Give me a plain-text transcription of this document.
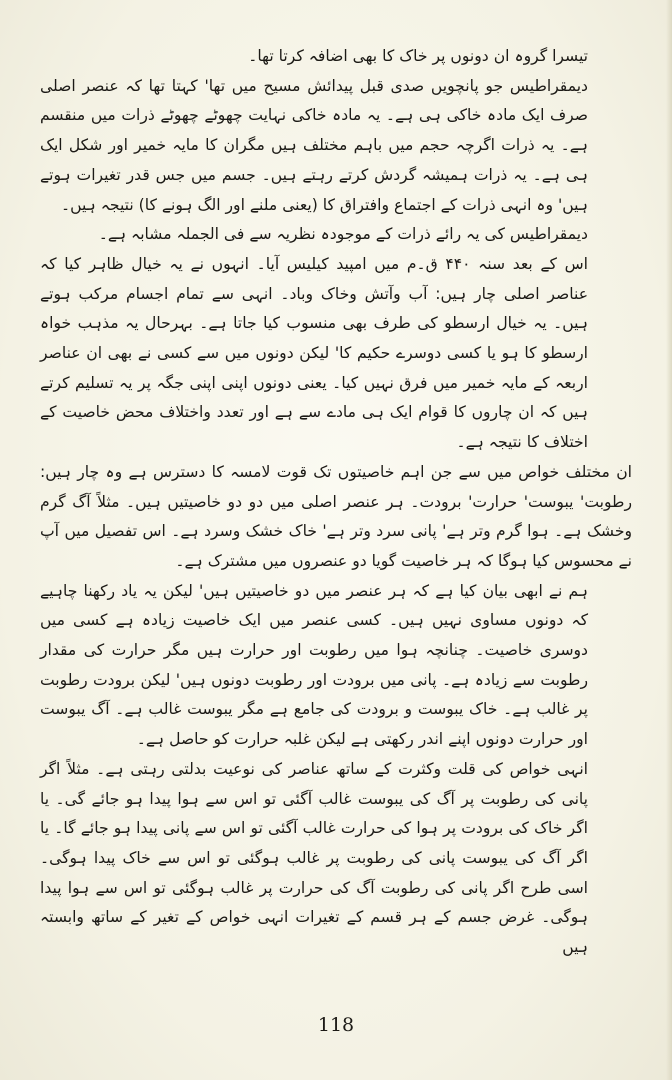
تیسرا گروہ ان دونوں پر خاک کا بھی اضافہ کرتا تھا۔

دیمقراطیس جو پانچویں صدی قبل پیدائش مسیح میں تھا' کہتا تھا کہ عنصر اصلی صرف ایک مادہ خاکی ہی ہے۔ یہ مادہ خاکی نہایت چھوٹے چھوٹے ذرات میں منقسم ہے۔ یہ ذرات اگرچہ حجم میں باہم مختلف ہیں مگران کا مایہ خمیر اور شکل ایک ہی ہے۔ یہ ذرات ہمیشہ گردش کرتے رہتے ہیں۔ جسم میں جس قدر تغیرات ہوتے ہیں' وہ انہی ذرات کے اجتماع وافتراق کا (یعنی ملنے اور الگ ہونے کا) نتیجہ ہیں۔

دیمقراطیس کی یہ رائے ذرات کے موجودہ نظریہ سے فی الجملہ مشابہ ہے۔

اس کے بعد سنہ ۴۴۰ ق۔م میں امپید کیلیس آیا۔ انہوں نے یہ خیال ظاہر کیا کہ عناصر اصلی چار ہیں: آب وآتش وخاک وباد۔ انہی سے تمام اجسام مرکب ہوتے ہیں۔ یہ خیال ارسطو کی طرف بھی منسوب کیا جاتا ہے۔ بہرحال یہ مذہب خواہ ارسطو کا ہو یا کسی دوسرے حکیم کا' لیکن دونوں میں سے کسی نے بھی ان عناصر اربعہ کے مایہ خمیر میں فرق نہیں کیا۔ یعنی دونوں اپنی اپنی جگہ پر یہ تسلیم کرتے ہیں کہ ان چاروں کا قوام ایک ہی مادے سے ہے اور تعدد واختلاف محض خاصیت کے اختلاف کا نتیجہ ہے۔

ان مختلف خواص میں سے جن اہم خاصیتوں تک قوت لامسہ کا دسترس ہے وہ چار ہیں: رطوبت' یبوست' حرارت' برودت۔ ہر عنصر اصلی میں دو دو خاصیتیں ہیں۔ مثلاً آگ گرم وخشک ہے۔ ہوا گرم وتر ہے' پانی سرد وتر ہے' خاک خشک وسرد ہے۔ اس تفصیل میں آپ نے محسوس کیا ہوگا کہ ہر خاصیت گویا دو عنصروں میں مشترک ہے۔

ہم نے ابھی بیان کیا ہے کہ ہر عنصر میں دو خاصیتیں ہیں' لیکن یہ یاد رکھنا چاہیے کہ دونوں مساوی نہیں ہیں۔ کسی عنصر میں ایک خاصیت زیادہ ہے کسی میں دوسری خاصیت۔ چنانچہ ہوا میں رطوبت اور حرارت ہیں مگر حرارت کی مقدار رطوبت سے زیادہ ہے۔ پانی میں برودت اور رطوبت دونوں ہیں' لیکن برودت رطوبت پر غالب ہے۔ خاک یبوست و برودت کی جامع ہے مگر یبوست غالب ہے۔ آگ یبوست اور حرارت دونوں اپنے اندر رکھتی ہے لیکن غلبہ حرارت کو حاصل ہے۔

انہی خواص کی قلت وکثرت کے ساتھ عناصر کی نوعیت بدلتی رہتی ہے۔ مثلاً اگر پانی کی رطوبت پر آگ کی یبوست غالب آگئی تو اس سے ہوا پیدا ہو جائے گی۔ یا اگر خاک کی برودت پر ہوا کی حرارت غالب آگئی تو اس سے پانی پیدا ہو جائے گا۔ یا اگر آگ کی یبوست پانی کی رطوبت پر غالب ہوگئی تو اس سے خاک پیدا ہوگی۔ اسی طرح اگر پانی کی رطوبت آگ کی حرارت پر غالب ہوگئی تو اس سے ہوا پیدا ہوگی۔ غرض جسم کے ہر قسم کے تغیرات انہی خواص کے تغیر کے ساتھ وابستہ ہیں

118
